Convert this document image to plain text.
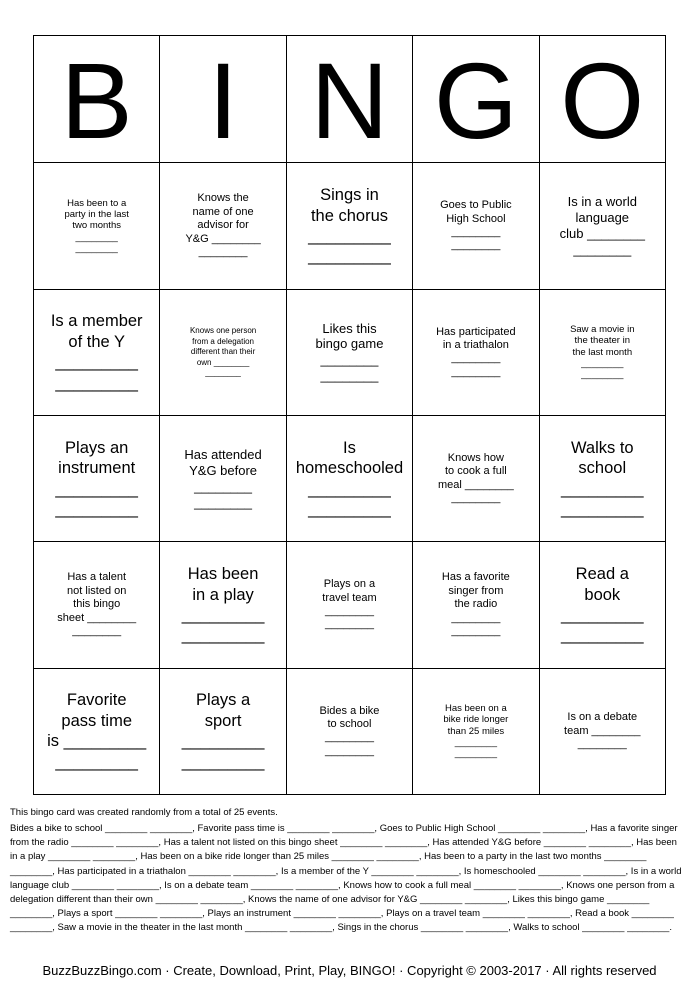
B	I	N	G	O

Has been to a
party in the last
two months
________
________	Knows the
name of one
advisor for
Y&G ________
________	Sings in
the chorus
_________
_________	Goes to Public
High School
________
________	Is in a world
language
club ________
________

Is a member
of the Y
_________
_________	Knows one person
from a delegation
different than their
own ________
________	Likes this
bingo game
________
________	Has participated
in a triathalon
________
________	Saw a movie in
the theater in
the last month
________
________

Plays an
instrument
_________
_________	Has attended
Y&G before
________
________	Is
homeschooled
_________
_________	Knows how
to cook a full
meal ________
________	Walks to
school
_________
_________

Has a talent
not listed on
this bingo
sheet ________
________	Has been
in a play
_________
_________	Plays on a
travel team
________
________	Has a favorite
singer from
the radio
________
________	Read a
book
_________
_________

Favorite
pass time
is _________
_________	Plays a
sport
_________
_________	Bides a bike
to school
________
________	Has been on a
bike ride longer
than 25 miles
________
________	Is on a debate
team ________
________
This bingo card was created randomly from a total of 25 events.
Bides a bike to school ________ ________, Favorite pass time is ________ ________, Goes to Public High School ________ ________, Has a favorite singer from the radio ________ ________, Has a talent not listed on this bingo sheet ________ ________, Has attended Y&G before ________ ________, Has been in a play ________ ________, Has been on a bike ride longer than 25 miles ________ ________, Has been to a party in the last two months ________ ________, Has participated in a triathalon ________ ________, Is a member of the Y ________ ________, Is homeschooled ________ ________, Is in a world language club ________ ________, Is on a debate team ________ ________, Knows how to cook a full meal ________ ________, Knows one person from a delegation different than their own ________ ________, Knows the name of one advisor for Y&G ________ ________, Likes this bingo game ________ ________, Plays a sport ________ ________, Plays an instrument ________ ________, Plays on a travel team ________ ________, Read a book ________ ________, Saw a movie in the theater in the last month ________ ________, Sings in the chorus ________ ________, Walks to school ________ ________.
BuzzBuzzBingo.com · Create, Download, Print, Play, BINGO! · Copyright © 2003-2017 · All rights reserved
